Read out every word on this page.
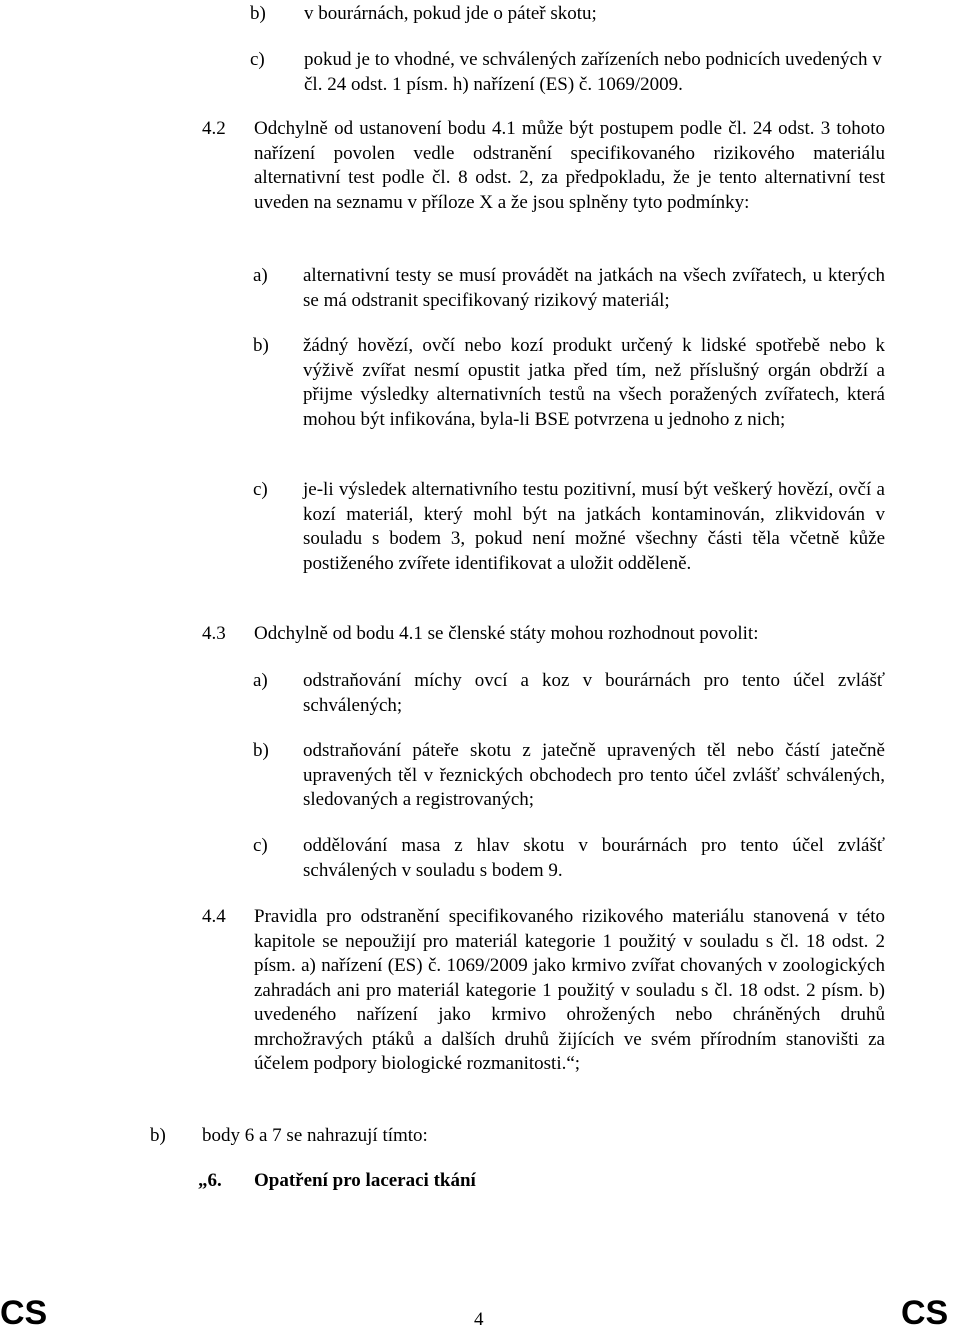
b) v bourárnách, pokud jde o páteř skotu;
c) pokud je to vhodné, ve schválených zařízeních nebo podnicích uvedených v čl. 24 odst. 1 písm. h) nařízení (ES) č. 1069/2009.
4.2 Odchylně od ustanovení bodu 4.1 může být postupem podle čl. 24 odst. 3 tohoto nařízení povolen vedle odstranění specifikovaného rizikového materiálu alternativní test podle čl. 8 odst. 2, za předpokladu, že je tento alternativní test uveden na seznamu v příloze X a že jsou splněny tyto podmínky:
a) alternativní testy se musí provádět na jatkách na všech zvířatech, u kterých se má odstranit specifikovaný rizikový materiál;
b) žádný hovězí, ovčí nebo kozí produkt určený k lidské spotřebě nebo k výživě zvířat nesmí opustit jatka před tím, než příslušný orgán obdrží a přijme výsledky alternativních testů na všech poražených zvířatech, která mohou být infikována, byla-li BSE potvrzena u jednoho z nich;
c) je-li výsledek alternativního testu pozitivní, musí být veškerý hovězí, ovčí a kozí materiál, který mohl být na jatkách kontaminován, zlikvidován v souladu s bodem 3, pokud není možné všechny části těla včetně kůže postiženého zvířete identifikovat a uložit odděleně.
4.3 Odchylně od bodu 4.1 se členské státy mohou rozhodnout povolit:
a) odstraňování míchy ovcí a koz v bourárnách pro tento účel zvlášť schválených;
b) odstraňování páteře skotu z jatečně upravených těl nebo částí jatečně upravených těl v řeznických obchodech pro tento účel zvlášť schválených, sledovaných a registrovaných;
c) oddělování masa z hlav skotu v bourárnách pro tento účel zvlášť schválených v souladu s bodem 9.
4.4 Pravidla pro odstranění specifikovaného rizikového materiálu stanovená v této kapitole se nepoužijí pro materiál kategorie 1 použitý v souladu s čl. 18 odst. 2 písm. a) nařízení (ES) č. 1069/2009 jako krmivo zvířat chovaných v zoologických zahradách ani pro materiál kategorie 1 použitý v souladu s čl. 18 odst. 2 písm. b) uvedeného nařízení jako krmivo ohrožených nebo chráněných druhů mrchožravých ptáků a dalších druhů žijících ve svém přírodním stanovišti za účelem podpory biologické rozmanitosti.“;
b) body 6 a 7 se nahrazují tímto:
„6. Opatření pro laceraci tkání
CS	4	CS
